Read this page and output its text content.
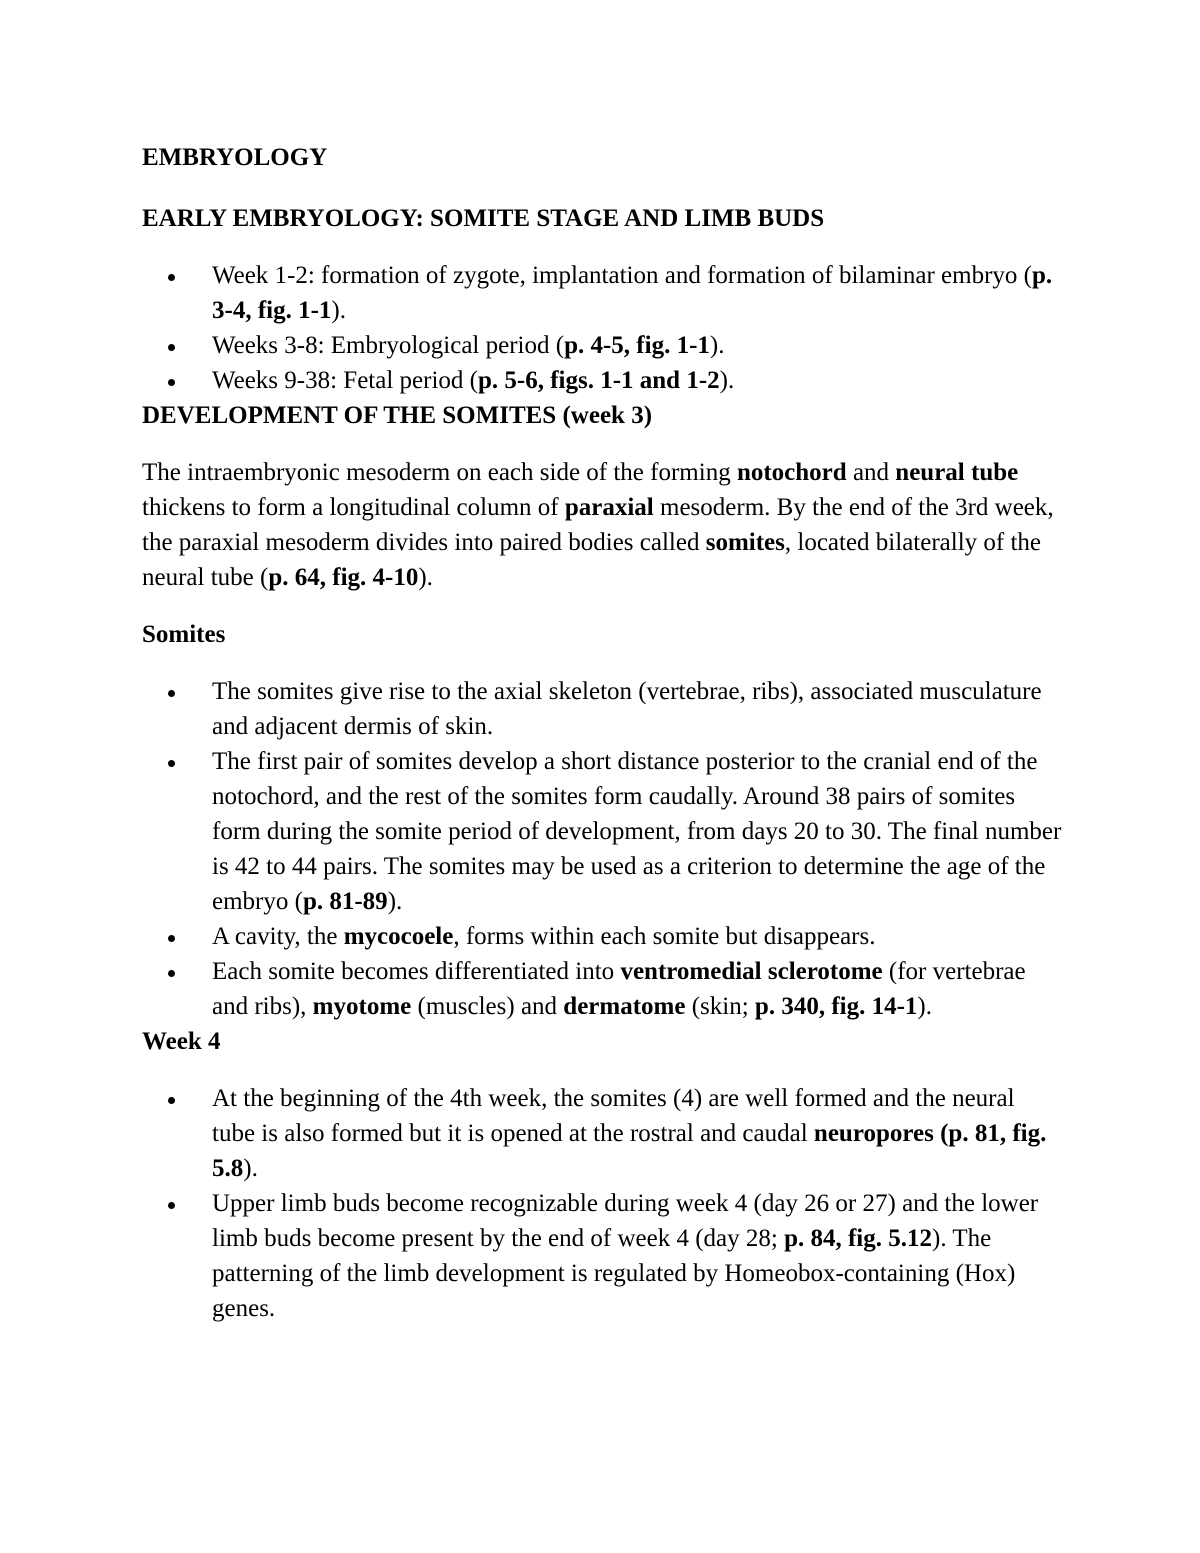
EMBRYOLOGY

EARLY EMBRYOLOGY: SOMITE STAGE AND LIMB BUDS

Week 1-2: formation of zygote, implantation and formation of bilaminar embryo (p. 3-4, fig. 1-1).
Weeks 3-8: Embryological period (p. 4-5, fig. 1-1).
Weeks 9-38: Fetal period (p. 5-6, figs. 1-1 and 1-2).

DEVELOPMENT OF THE SOMITES (week 3)

The intraembryonic mesoderm on each side of the forming notochord and neural tube thickens to form a longitudinal column of paraxial mesoderm. By the end of the 3rd week, the paraxial mesoderm divides into paired bodies called somites, located bilaterally of the neural tube (p. 64, fig. 4-10).

Somites

The somites give rise to the axial skeleton (vertebrae, ribs), associated musculature and adjacent dermis of skin.
The first pair of somites develop a short distance posterior to the cranial end of the notochord, and the rest of the somites form caudally. Around 38 pairs of somites form during the somite period of development, from days 20 to 30. The final number is 42 to 44 pairs. The somites may be used as a criterion to determine the age of the embryo (p. 81-89).
A cavity, the mycocoele, forms within each somite but disappears.
Each somite becomes differentiated into ventromedial sclerotome (for vertebrae and ribs), myotome (muscles) and dermatome (skin; p. 340, fig. 14-1).

Week 4

At the beginning of the 4th week, the somites (4) are well formed and the neural tube is also formed but it is opened at the rostral and caudal neuropores (p. 81, fig. 5.8).
Upper limb buds become recognizable during week 4 (day 26 or 27) and the lower limb buds become present by the end of week 4 (day 28; p. 84, fig. 5.12). The patterning of the limb development is regulated by Homeobox-containing (Hox) genes.
